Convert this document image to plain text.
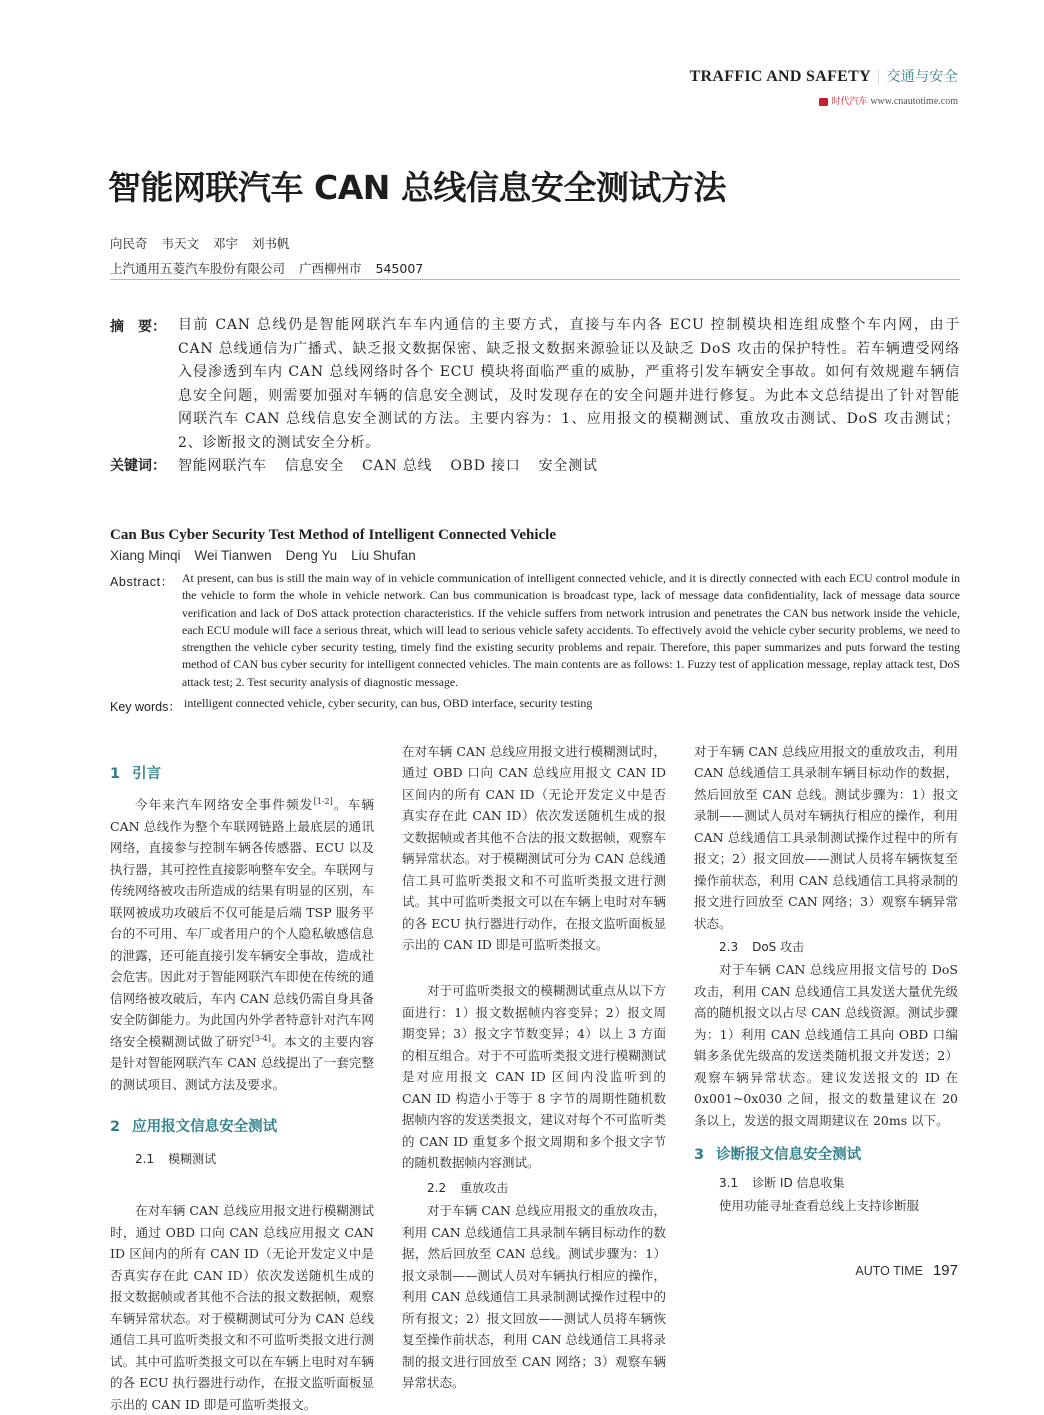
TRAFFIC AND SAFETY | 交通与安全
时代汽车 www.cnautotime.com
智能网联汽车 CAN 总线信息安全测试方法
向民奇 韦天文 邓宇 刘书帆
上汽通用五菱汽车股份有限公司 广西柳州市 545007
摘　要： 目前 CAN 总线仍是智能网联汽车车内通信的主要方式，直接与车内各 ECU 控制模块相连组成整个车内网，由于 CAN 总线通信为广播式、缺乏报文数据保密、缺乏报文数据来源验证以及缺乏 DoS 攻击的保护特性。若车辆遭受网络入侵渗透到车内 CAN 总线网络时各个 ECU 模块将面临严重的威胁，严重将引发车辆安全事故。如何有效规避车辆信息安全问题，则需要加强对车辆的信息安全测试，及时发现存在的安全问题并进行修复。为此本文总结提出了针对智能网联汽车 CAN 总线信息安全测试的方法。主要内容为：1、应用报文的模糊测试、重放攻击测试、DoS 攻击测试；2、诊断报文的测试安全分析。
关键词： 智能网联汽车 信息安全 CAN 总线 OBD 接口 安全测试
Can Bus Cyber Security Test Method of Intelligent Connected Vehicle
Xiang Minqi Wei Tianwen Deng Yu Liu Shufan
Abstract： At present, can bus is still the main way of in vehicle communication of intelligent connected vehicle, and it is directly connected with each ECU control module in the vehicle to form the whole in vehicle network. Can bus communication is broadcast type, lack of message data confidentiality, lack of message data source verification and lack of DoS attack protection characteristics. If the vehicle suffers from network intrusion and penetrates the CAN bus network inside the vehicle, each ECU module will face a serious threat, which will lead to serious vehicle safety accidents. To effectively avoid the vehicle cyber security problems, we need to strengthen the vehicle cyber security testing, timely find the existing security problems and repair. Therefore, this paper summarizes and puts forward the testing method of CAN bus cyber security for intelligent connected vehicles. The main contents are as follows: 1. Fuzzy test of application message, replay attack test, DoS attack test; 2. Test security analysis of diagnostic message.
Key words： intelligent connected vehicle, cyber security, can bus, OBD interface, security testing

1 引言

今年来汽车网络安全事件频发[1-2]。车辆 CAN 总线作为整个车联网链路上最底层的通讯网络，直接参与控制车辆各传感器、ECU 以及执行器，其可控性直接影响整车安全。车联网与传统网络被攻击所造成的结果有明显的区别，车联网被成功攻破后不仅可能是后端 TSP 服务平台的不可用、车厂或者用户的个人隐私敏感信息的泄露，还可能直接引发车辆安全事故，造成社会危害。因此对于智能网联汽车即使在传统的通信网络被攻破后，车内 CAN 总线仍需自身具备安全防御能力。为此国内外学者特意针对汽车网络安全模糊测试做了研究[3-4]。本文的主要内容是针对智能网联汽车 CAN 总线提出了一套完整的测试项目、测试方法及要求。

2 应用报文信息安全测试

2.1 模糊测试

在对车辆 CAN 总线应用报文进行模糊测试时，通过 OBD 口向 CAN 总线应用报文 CAN ID 区间内的所有 CAN ID（无论开发定义中是否真实存在此 CAN ID）依次发送随机生成的报文数据帧或者其他不合法的报文数据帧，观察车辆异常状态。对于模糊测试可分为 CAN 总线通信工具可监听类报文和不可监听类报文进行测试。其中可监听类报文可以在车辆上电时对车辆的各 ECU 执行器进行动作，在报文监听面板显示出的 CAN ID 即是可监听类报文。

在对车辆 CAN 总线应用报文进行模糊测试时，通过 OBD 口向 CAN 总线应用报文 CAN ID 区间内的所有 CAN ID（无论开发定义中是否真实存在此 CAN ID）依次发送随机生成的报文数据帧或者其他不合法的报文数据帧，观察车辆异常状态。对于模糊测试可分为 CAN 总线通信工具可监听类报文和不可监听类报文进行测试。其中可监听类报文可以在车辆上电时对车辆的各 ECU 执行器进行动作，在报文监听面板显示出的 CAN ID 即是可监听类报文。

对于可监听类报文的模糊测试重点从以下方面进行：1）报文数据帧内容变异；2）报文周期变异；3）报文字节数变异；4）以上 3 方面的相互组合。对于不可监听类报文进行模糊测试是对应用报文 CAN ID 区间内没监听到的 CAN ID 构造小于等于 8 字节的周期性随机数据帧内容的发送类报文，建议对每个不可监听类的 CAN ID 重复多个报文周期和多个报文字节的随机数据帧内容测试。

2.2 重放攻击

对于车辆 CAN 总线应用报文的重放攻击，利用 CAN 总线通信工具录制车辆目标动作的数据，然后回放至 CAN 总线。测试步骤为：1）报文录制——测试人员对车辆执行相应的操作，利用 CAN 总线通信工具录制测试操作过程中的所有报文；2）报文回放——测试人员将车辆恢复至操作前状态，利用 CAN 总线通信工具将录制的报文进行回放至 CAN 网络；3）观察车辆异常状态。

对于车辆 CAN 总线应用报文的重放攻击，利用 CAN 总线通信工具录制车辆目标动作的数据，然后回放至 CAN 总线。测试步骤为：1）报文录制——测试人员对车辆执行相应的操作，利用 CAN 总线通信工具录制测试操作过程中的所有报文；2）报文回放——测试人员将车辆恢复至操作前状态，利用 CAN 总线通信工具将录制的报文进行回放至 CAN 网络；3）观察车辆异常状态。

2.3 DoS 攻击

对于车辆 CAN 总线应用报文信号的 DoS 攻击，利用 CAN 总线通信工具发送大量优先级高的随机报文以占尽 CAN 总线资源。测试步骤为：1）利用 CAN 总线通信工具向 OBD 口编辑多条优先级高的发送类随机报文并发送；2）观察车辆异常状态。建议发送报文的 ID 在 0x001~0x030 之间，报文的数量建议在 20 条以上，发送的报文周期建议在 20ms 以下。

3 诊断报文信息安全测试

3.1 诊断 ID 信息收集

使用功能寻址查看总线上支持诊断服

AUTO TIME 197
